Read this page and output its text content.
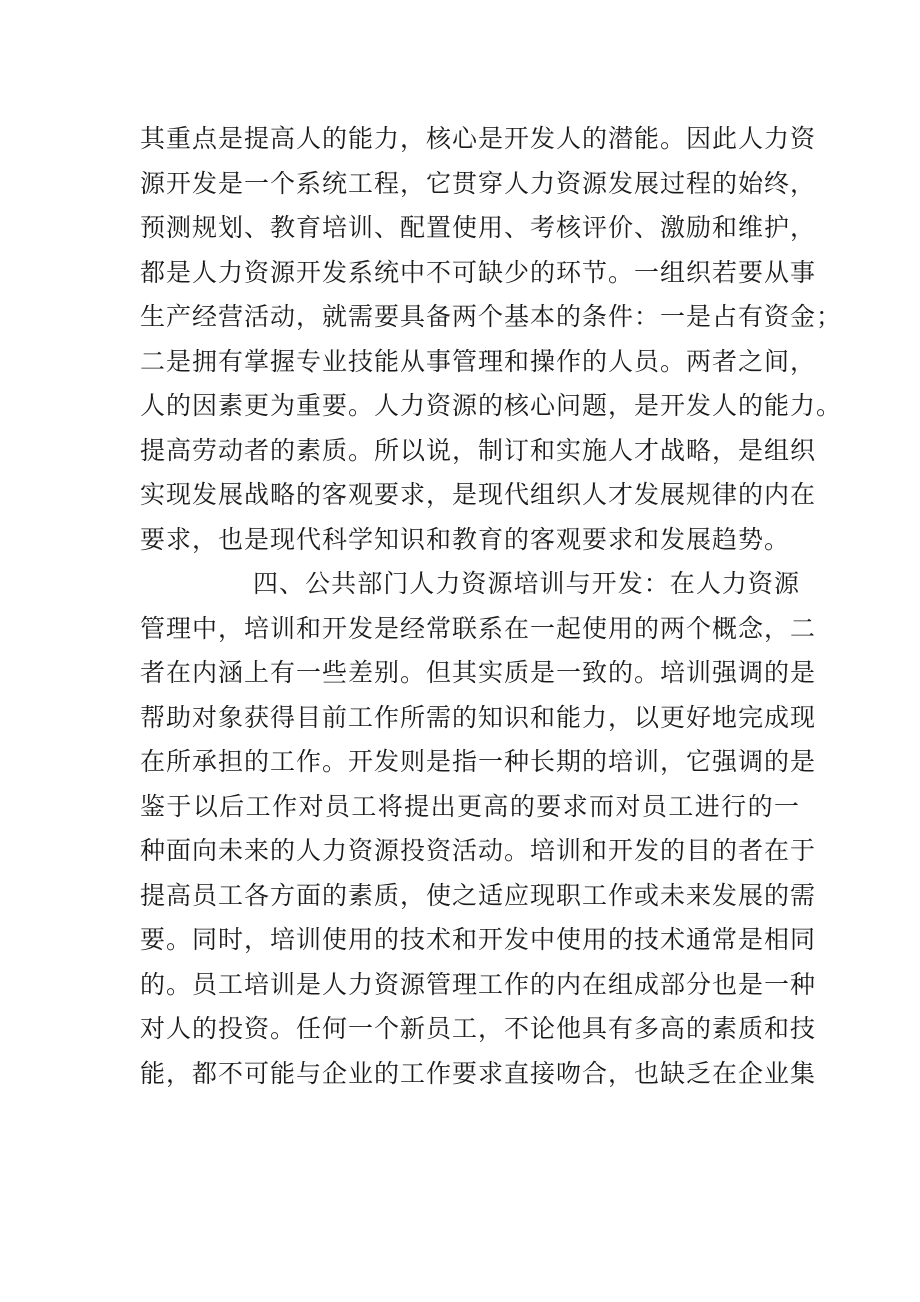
其重点是提高人的能力，核心是开发人的潜能。因此人力资
源开发是一个系统工程，它贯穿人力资源发展过程的始终，
预测规划、教育培训、配置使用、考核评价、激励和维护，
都是人力资源开发系统中不可缺少的环节。一组织若要从事
生产经营活动，就需要具备两个基本的条件：一是占有资金；
二是拥有掌握专业技能从事管理和操作的人员。两者之间，
人的因素更为重要。人力资源的核心问题，是开发人的能力。
提高劳动者的素质。所以说，制订和实施人才战略，是组织
实现发展战略的客观要求，是现代组织人才发展规律的内在
要求，也是现代科学知识和教育的客观要求和发展趋势。
四、公共部门人力资源培训与开发：在人力资源
管理中，培训和开发是经常联系在一起使用的两个概念，二
者在内涵上有一些差别。但其实质是一致的。培训强调的是
帮助对象获得目前工作所需的知识和能力，以更好地完成现
在所承担的工作。开发则是指一种长期的培训，它强调的是
鉴于以后工作对员工将提出更高的要求而对员工进行的一
种面向未来的人力资源投资活动。培训和开发的目的者在于
提高员工各方面的素质，使之适应现职工作或未来发展的需
要。同时，培训使用的技术和开发中使用的技术通常是相同
的。员工培训是人力资源管理工作的内在组成部分也是一种
对人的投资。任何一个新员工，不论他具有多高的素质和技
能，都不可能与企业的工作要求直接吻合，也缺乏在企业集
